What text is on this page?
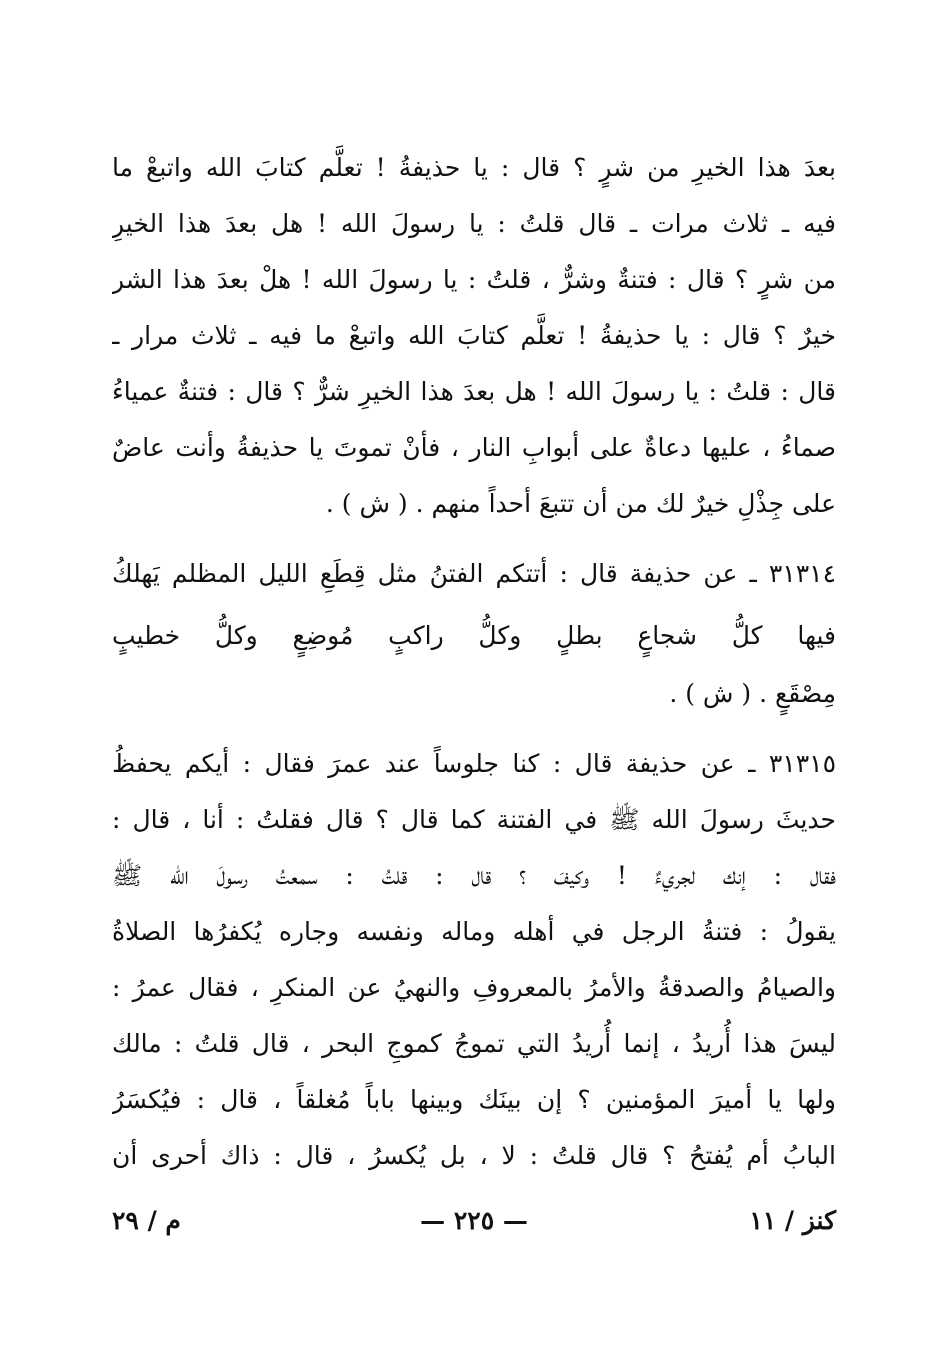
بعدَ هذا الخيرِ من شرٍ ؟ قال : يا حذيفةُ ! تعلَّم كتابَ الله واتبعْ ما
فيه ـ ثلاث مرات ـ قال قلتُ : يا رسولَ الله ! هل بعدَ هذا الخيرِ
من شرٍ ؟ قال : فتنةٌ وشرٌّ ، قلتُ : يا رسولَ الله ! هلْ بعدَ هذا الشر
خيرٌ ؟ قال : يا حذيفةُ ! تعلَّم كتابَ الله واتبعْ ما فيه ـ ثلاث مرار ـ
قال : قلتُ : يا رسولَ الله ! هل بعدَ هذا الخيرِ شرٌّ ؟ قال : فتنةٌ عمياءُ
صماءُ ، عليها دعاةٌ على أبوابِ النار ، فأنْ تموتَ يا حذيفةُ وأنت عاضٌ
على جِذْلِ خيرٌ لك من أن تتبعَ أحداً منهم . ( ش ) .
٣١٣١٤ ـ عن حذيفة قال : أتتكم الفتنُ مثل قِطَعِ الليل المظلم يَهلكُ
فيها كلُّ شجاعٍ بطلٍ وكلُّ راكبٍ مُوضِعٍ وكلُّ خطيبٍ
مِصْقَعٍ . ( ش ) .
٣١٣١٥ ـ عن حذيفة قال : كنا جلوساً عند عمرَ فقال : أيكم يحفظُ
حديثَ رسولَ الله ﷺ في الفتنة كما قال ؟ قال فقلتُ : أنا ، قال :
فقال : إنك لجريءٌ ! وكيفَ ؟ قال : قلتُ : سمعتُ رسولَ الله ﷺ
يقولُ : فتنةُ الرجل في أهله وماله ونفسه وجاره يُكفرُها الصلاةُ
والصيامُ والصدقةُ والأمرُ بالمعروفِ والنهيُ عن المنكرِ ، فقال عمرُ :
ليسَ هذا أُريدُ ، إنما أُريدُ التي تموجُ كموجِ البحر ، قال قلتُ : مالك
ولها يا أميرَ المؤمنين ؟ إن بينَك وبينها باباً مُغلقاً ، قال : فيُكسَرُ
البابُ أم يُفتحُ ؟ قال قلتُ : لا ، بل يُكسرُ ، قال : ذاك أحرى أن
م / ٢٩	— ٢٢٥ —	كنز / ١١
